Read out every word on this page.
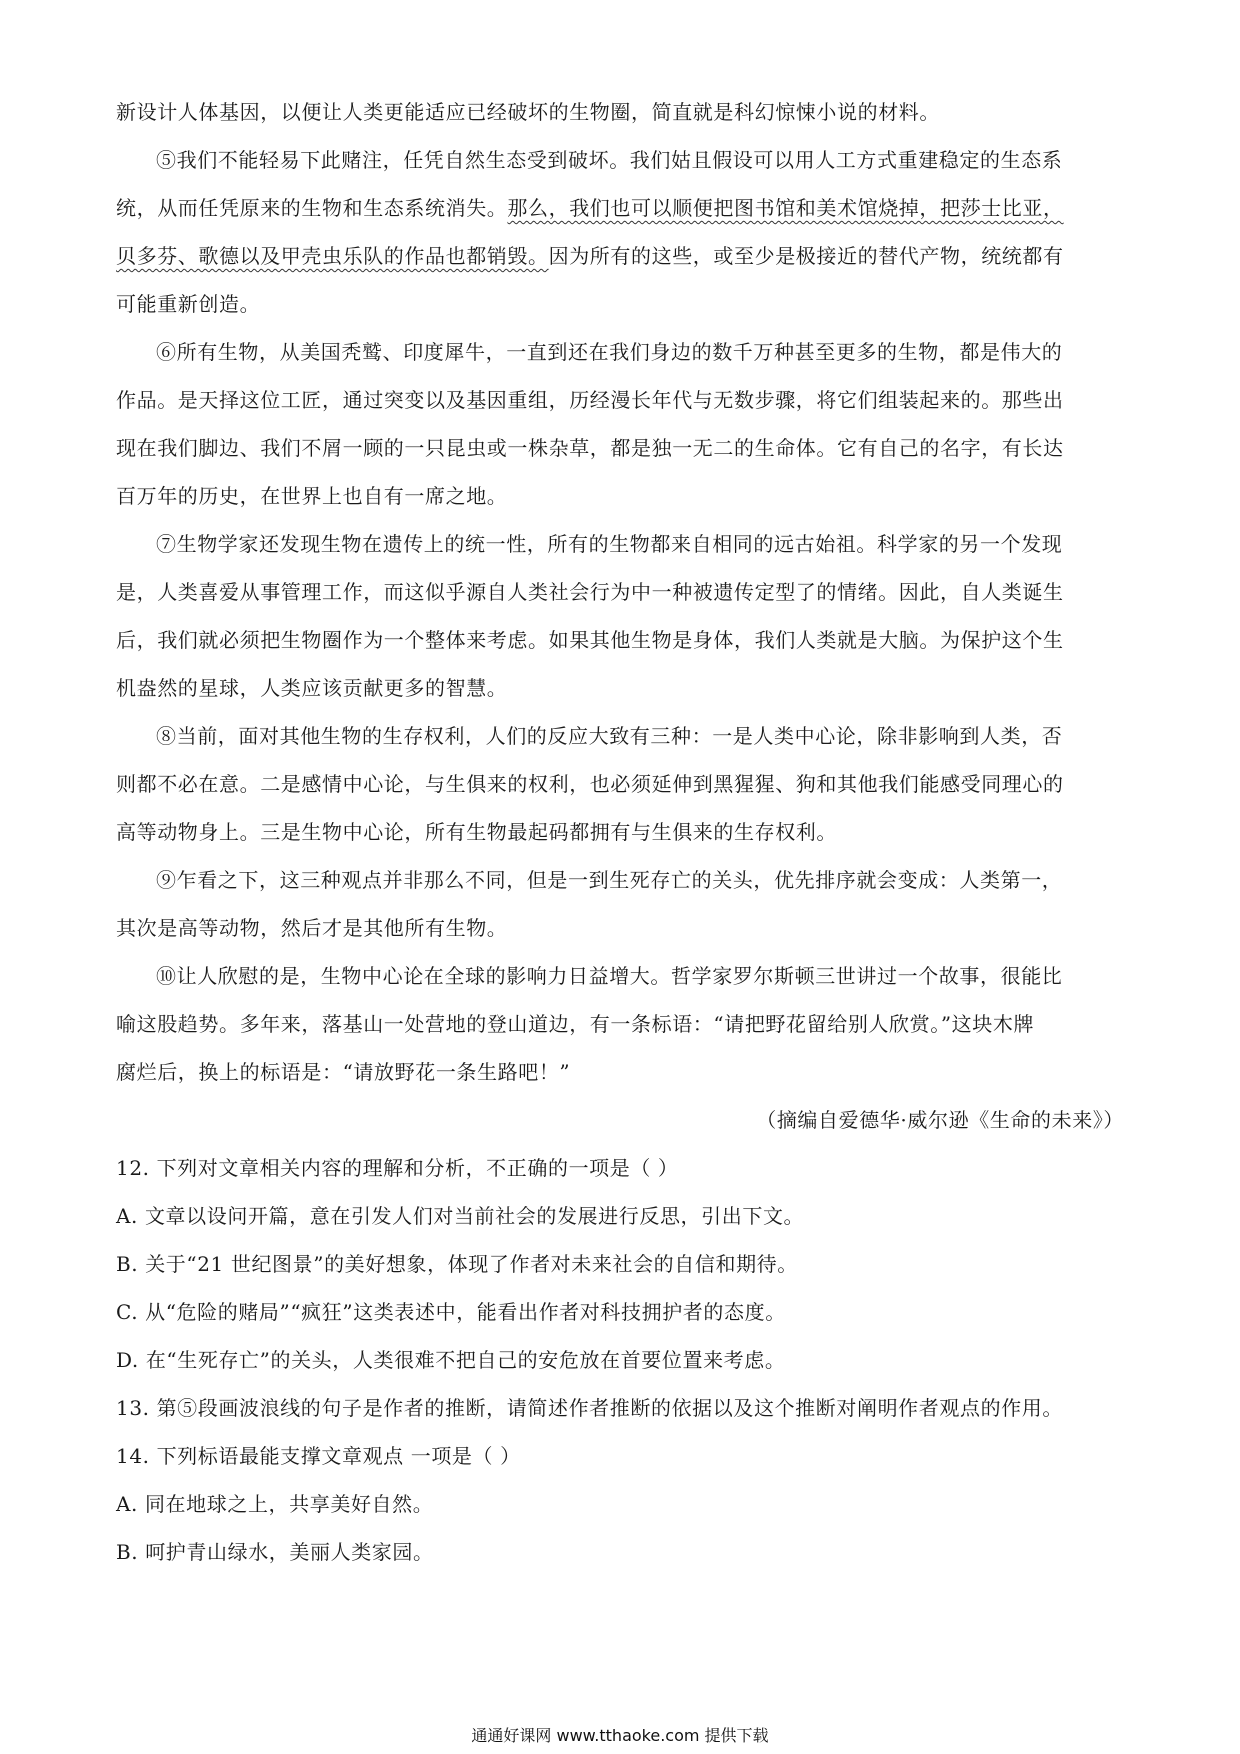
新设计人体基因，以便让人类更能适应已经破坏的生物圈，简直就是科幻惊悚小说的材料。
⑤我们不能轻易下此赌注，任凭自然生态受到破坏。我们姑且假设可以用人工方式重建稳定的生态系
统，从而任凭原来的生物和生态系统消失。那么，我们也可以顺便把图书馆和美术馆烧掉，把莎士比亚，
贝多芬、歌德以及甲壳虫乐队的作品也都销毁。因为所有的这些，或至少是极接近的替代产物，统统都有
可能重新创造。
⑥所有生物，从美国秃鹫、印度犀牛，一直到还在我们身边的数千万种甚至更多的生物，都是伟大的
作品。是天择这位工匠，通过突变以及基因重组，历经漫长年代与无数步骤，将它们组装起来的。那些出
现在我们脚边、我们不屑一顾的一只昆虫或一株杂草，都是独一无二的生命体。它有自己的名字，有长达
百万年的历史，在世界上也自有一席之地。
⑦生物学家还发现生物在遗传上的统一性，所有的生物都来自相同的远古始祖。科学家的另一个发现
是，人类喜爱从事管理工作，而这似乎源自人类社会行为中一种被遗传定型了的情绪。因此，自人类诞生
后，我们就必须把生物圈作为一个整体来考虑。如果其他生物是身体，我们人类就是大脑。为保护这个生
机盎然的星球，人类应该贡献更多的智慧。
⑧当前，面对其他生物的生存权利，人们的反应大致有三种：一是人类中心论，除非影响到人类，否
则都不必在意。二是感情中心论，与生俱来的权利，也必须延伸到黑猩猩、狗和其他我们能感受同理心的
高等动物身上。三是生物中心论，所有生物最起码都拥有与生俱来的生存权利。
⑨乍看之下，这三种观点并非那么不同，但是一到生死存亡的关头，优先排序就会变成：人类第一，
其次是高等动物，然后才是其他所有生物。
⑩让人欣慰的是，生物中心论在全球的影响力日益增大。哲学家罗尔斯顿三世讲过一个故事，很能比
喻这股趋势。多年来，落基山一处营地的登山道边，有一条标语：“请把野花留给别人欣赏。”这块木牌
腐烂后，换上的标语是：“请放野花一条生路吧！”
（摘编自爱德华·威尔逊《生命的未来》）
12. 下列对文章相关内容的理解和分析，不正确的一项是（ ）
A. 文章以设问开篇，意在引发人们对当前社会的发展进行反思，引出下文。
B. 关于“21 世纪图景”的美好想象，体现了作者对未来社会的自信和期待。
C. 从“危险的赌局”“疯狂”这类表述中，能看出作者对科技拥护者的态度。
D. 在“生死存亡”的关头，人类很难不把自己的安危放在首要位置来考虑。
13. 第⑤段画波浪线的句子是作者的推断，请简述作者推断的依据以及这个推断对阐明作者观点的作用。
14. 下列标语最能支撑文章观点 一项是（ ）
A. 同在地球之上，共享美好自然。
B. 呵护青山绿水，美丽人类家园。
通通好课网 www.tthaoke.com 提供下载
